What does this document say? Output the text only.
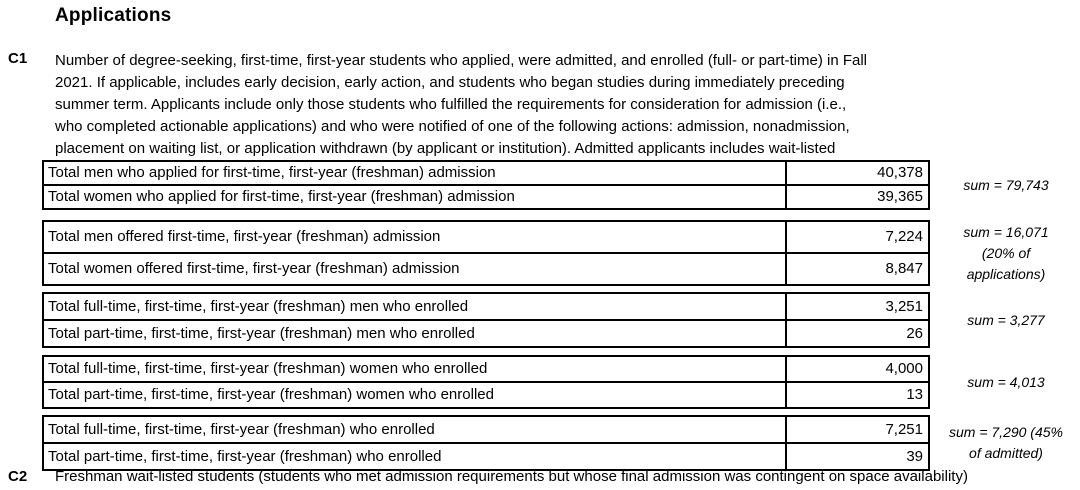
Applications
C1 Number of degree-seeking, first-time, first-year students who applied, were admitted, and enrolled (full- or part-time) in Fall
2021. If applicable, includes early decision, early action, and students who began studies during immediately preceding
summer term. Applicants include only those students who fulfilled the requirements for consideration for admission (i.e.,
who completed actionable applications) and who were notified of one of the following actions: admission, nonadmission,
placement on waiting list, or application withdrawn (by applicant or institution). Admitted applicants includes wait-listed
Total men who applied for first-time, first-year (freshman) admission	40,378
Total women who applied for first-time, first-year (freshman) admission	39,365
sum = 79,743
Total men offered first-time, first-year (freshman) admission	7,224
Total women offered first-time, first-year (freshman) admission	8,847
sum = 16,071
(20% of
applications)
Total full-time, first-time, first-year (freshman) men who enrolled	3,251
Total part-time, first-time, first-year (freshman) men who enrolled	26
sum = 3,277
Total full-time, first-time, first-year (freshman) women who enrolled	4,000
Total part-time, first-time, first-year (freshman) women who enrolled	13
sum = 4,013
Total full-time, first-time, first-year (freshman) who enrolled	7,251
Total part-time, first-time, first-year (freshman) who enrolled	39
sum = 7,290 (45%
of admitted)
C2 Freshman wait-listed students (students who met admission requirements but whose final admission was contingent on space availability)
